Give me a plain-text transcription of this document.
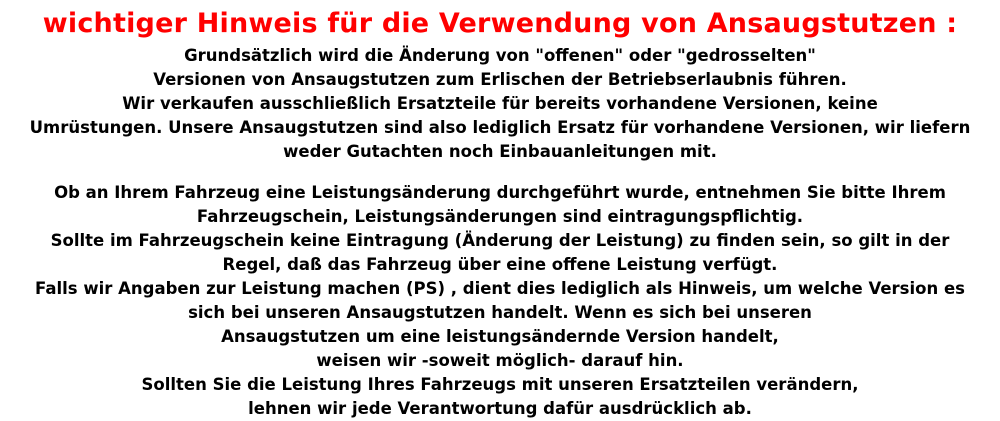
wichtiger Hinweis für die Verwendung von Ansaugstutzen :
Grundsätzlich wird die Änderung von "offenen" oder "gedrosselten"
Versionen von Ansaugstutzen zum Erlischen der Betriebserlaubnis führen.
Wir verkaufen ausschließlich Ersatzteile für bereits vorhandene Versionen, keine
Umrüstungen. Unsere Ansaugstutzen sind also lediglich Ersatz für vorhandene Versionen, wir liefern
weder Gutachten noch Einbauanleitungen mit.
Ob an Ihrem Fahrzeug eine Leistungsänderung durchgeführt wurde, entnehmen Sie bitte Ihrem
Fahrzeugschein, Leistungsänderungen sind eintragungspflichtig.
Sollte im Fahrzeugschein keine Eintragung (Änderung der Leistung) zu finden sein, so gilt in der
Regel, daß das Fahrzeug über eine offene Leistung verfügt.
Falls wir Angaben zur Leistung machen (PS) , dient dies lediglich als Hinweis, um welche Version es
sich bei unseren Ansaugstutzen handelt. Wenn es sich bei unseren
Ansaugstutzen um eine leistungsändernde Version handelt,
weisen wir -soweit möglich- darauf hin.
Sollten Sie die Leistung Ihres Fahrzeugs mit unseren Ersatzteilen verändern,
lehnen wir jede Verantwortung dafür ausdrücklich ab.
